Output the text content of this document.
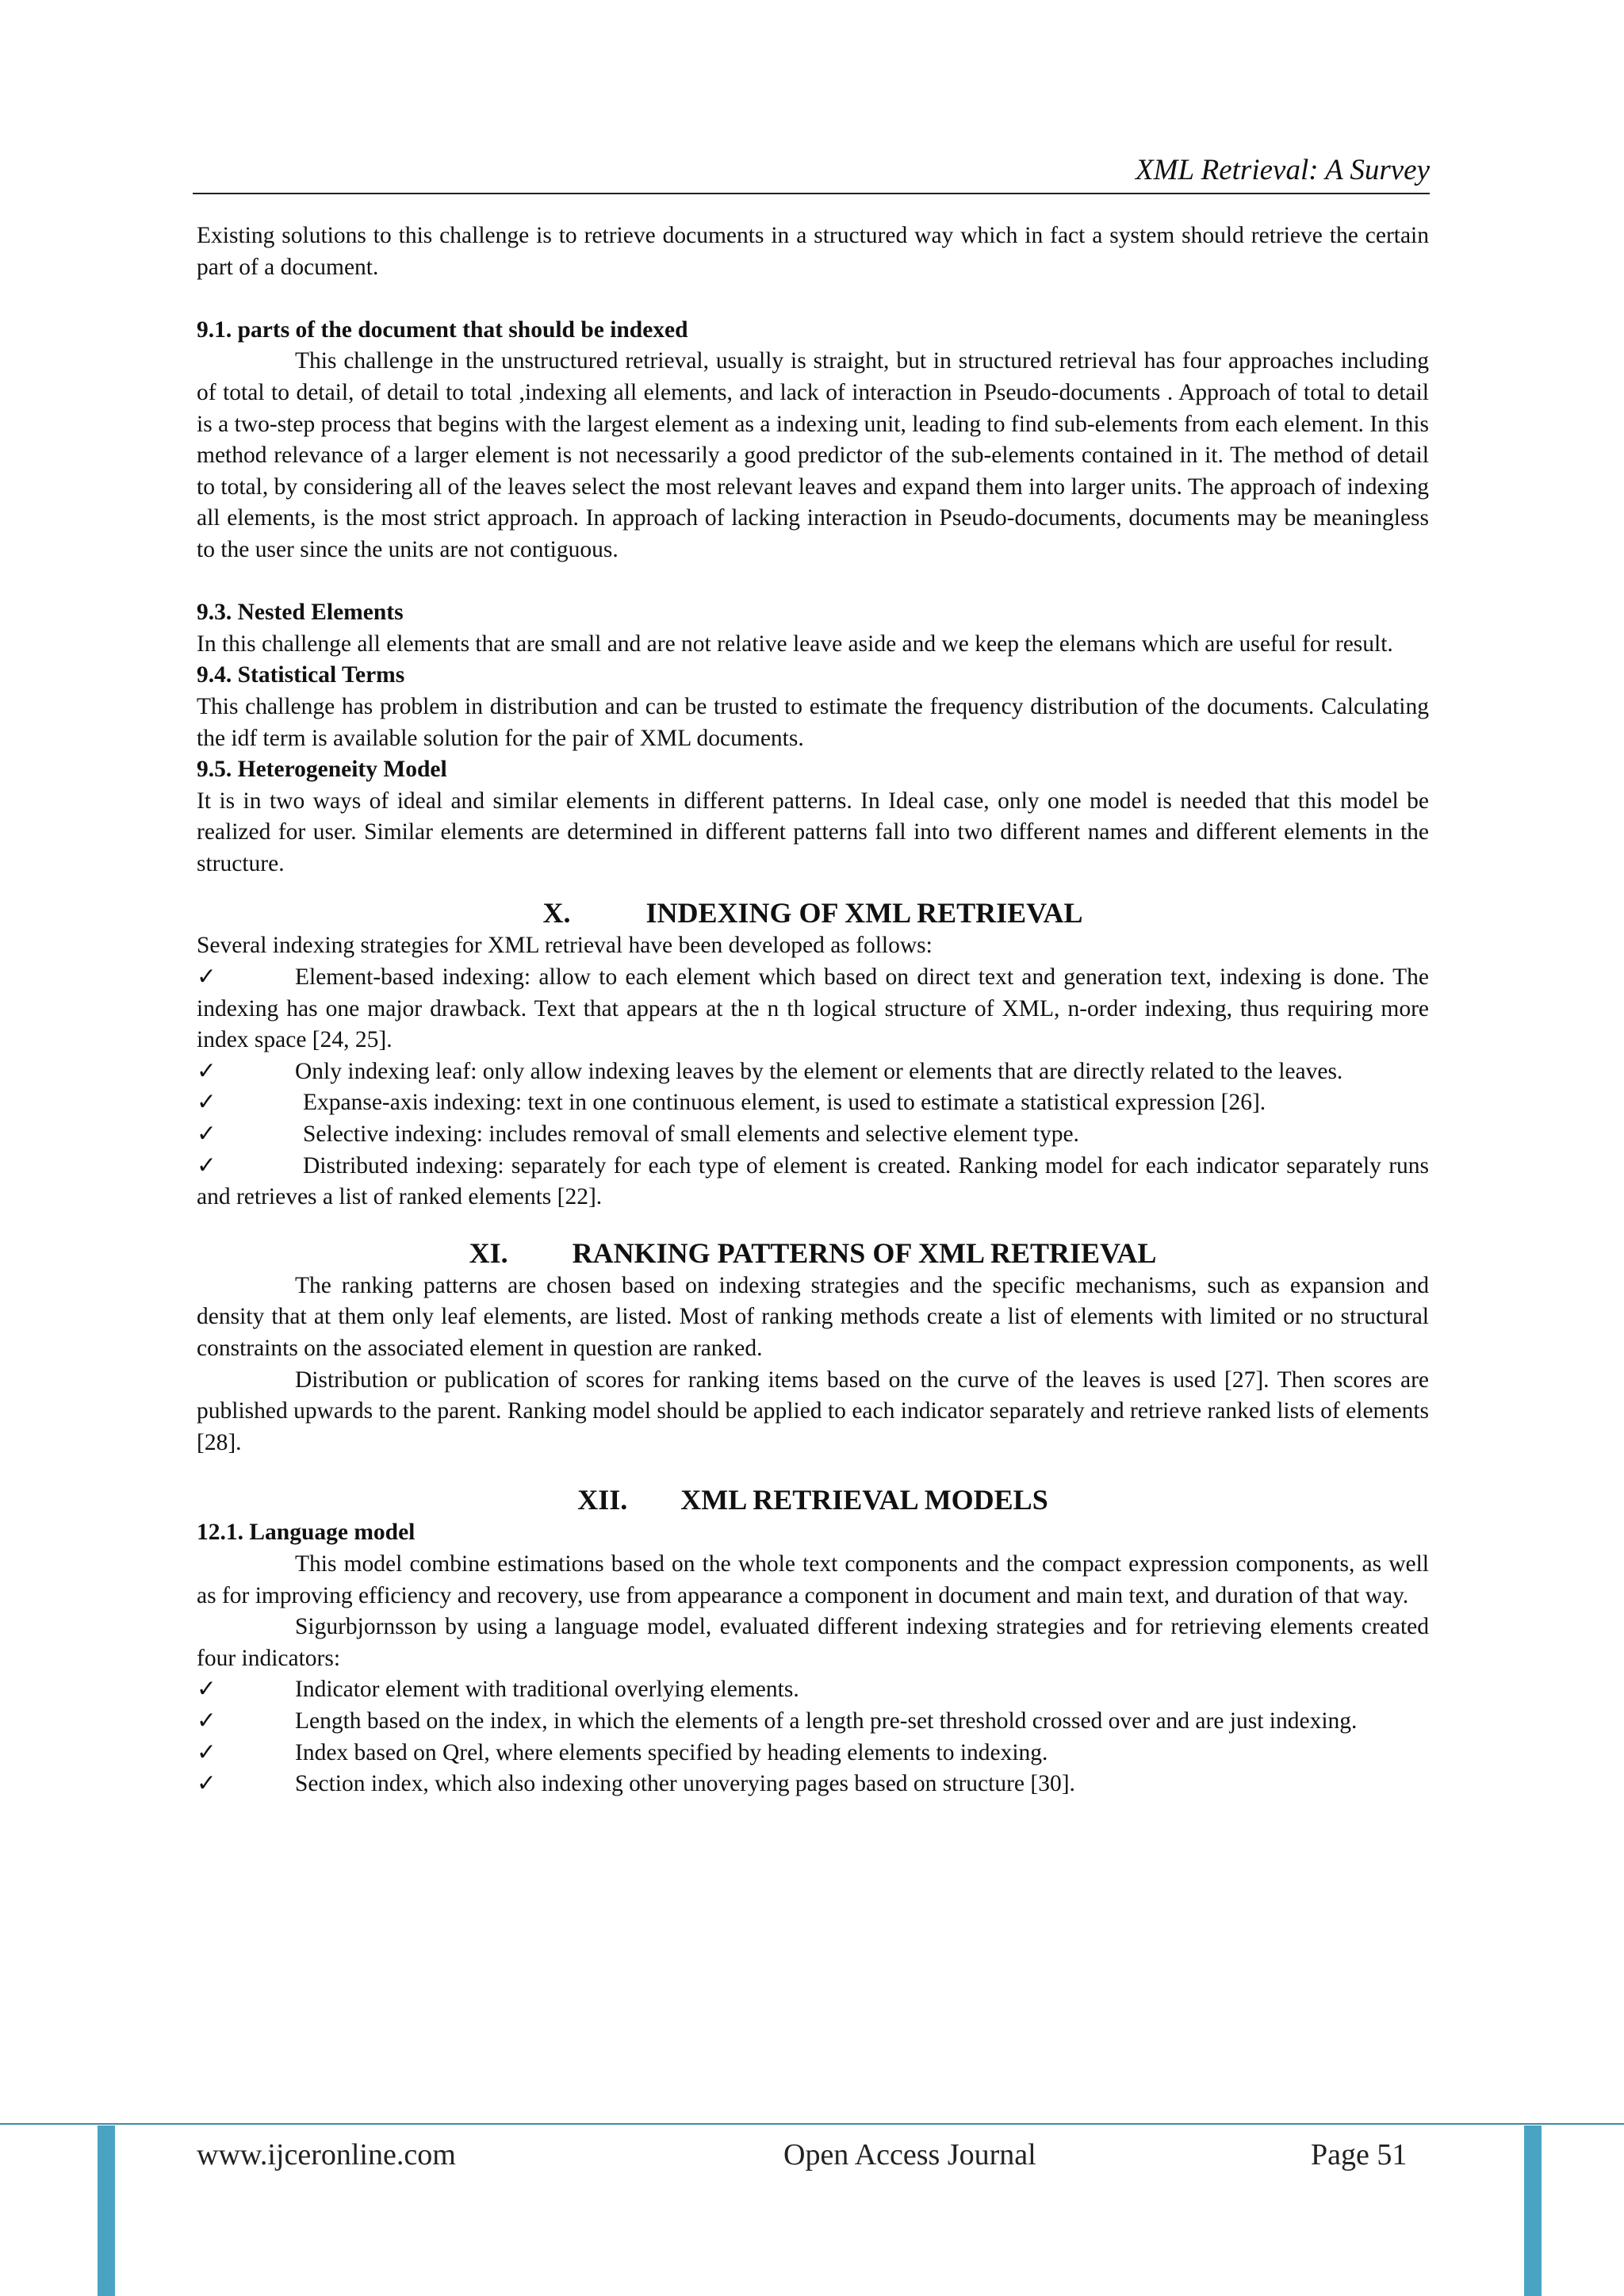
XML Retrieval: A Survey

Existing solutions to this challenge is to retrieve documents in a structured way which in fact a system should retrieve the certain part of a document.

9.1. parts of the document that should be indexed

This challenge in the unstructured retrieval, usually is straight, but in structured retrieval has four approaches including of total to detail, of detail to total ,indexing all elements, and lack of interaction in Pseudo-documents . Approach of total to detail is a two-step process that begins with the largest element as a indexing unit, leading to find sub-elements from each element. In this method relevance of a larger element is not necessarily a good predictor of the sub-elements contained in it. The method of detail to total, by considering all of the leaves select the most relevant leaves and expand them into larger units. The approach of indexing all elements, is the most strict approach. In approach of lacking interaction in Pseudo-documents, documents may be meaningless to the user since the units are not contiguous.

9.3. Nested Elements

In this challenge all elements that are small and are not relative leave aside and we keep the elemans which are useful for result.

9.4. Statistical Terms

This challenge has problem in distribution and can be trusted to estimate the frequency distribution of the documents. Calculating the idf term is available solution for the pair of XML documents.

9.5. Heterogeneity Model

It is in two ways of ideal and similar elements in different patterns. In Ideal case, only one model is needed that this model be realized for user. Similar elements are determined in different patterns fall into two different names and different elements in the structure.

X.	INDEXING OF XML RETRIEVAL

Several indexing strategies for XML retrieval have been developed as follows:

✓	Element-based indexing: allow to each element which based on direct text and generation text, indexing is done. The indexing has one major drawback. Text that appears at the n th logical structure of XML, n-order indexing, thus requiring more index space [24, 25].

✓	Only indexing leaf: only allow indexing leaves by the element or elements that are directly related to the leaves.

✓	Expanse-axis indexing: text in one continuous element, is used to estimate a statistical expression [26].

✓	Selective indexing: includes removal of small elements and selective element type.

✓	Distributed indexing: separately for each type of element is created. Ranking model for each indicator separately runs and retrieves a list of ranked elements [22].

XI. RANKING PATTERNS OF XML RETRIEVAL

The ranking patterns are chosen based on indexing strategies and the specific mechanisms, such as expansion and density that at them only leaf elements, are listed. Most of ranking methods create a list of elements with limited or no structural constraints on the associated element in question are ranked.

Distribution or publication of scores for ranking items based on the curve of the leaves is used [27]. Then scores are published upwards to the parent. Ranking model should be applied to each indicator separately and retrieve ranked lists of elements [28].

XII. XML RETRIEVAL MODELS

12.1. Language model

This model combine estimations based on the whole text components and the compact expression components, as well as for improving efficiency and recovery, use from appearance a component in document and main text, and duration of that way.

Sigurbjornsson by using a language model, evaluated different indexing strategies and for retrieving elements created four indicators:

✓	Indicator element with traditional overlying elements.

✓	Length based on the index, in which the elements of a length pre-set threshold crossed over and are just indexing.

✓	Index based on Qrel, where elements specified by heading elements to indexing.

✓	Section index, which also indexing other unoverying pages based on structure [30].

www.ijceronline.com	Open Access Journal	Page 51
